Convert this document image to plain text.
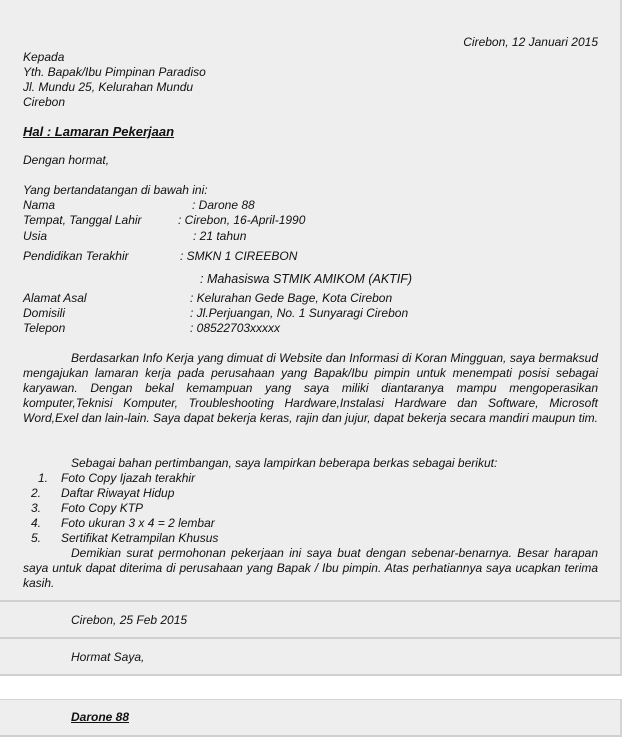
Cirebon, 12 Januari 2015
Kepada
Yth. Bapak/Ibu Pimpinan Paradiso
Jl. Mundu 25, Kelurahan Mundu
Cirebon
Hal : Lamaran Pekerjaan
Dengan hormat,
Yang bertandatangan di bawah ini:
Nama	: Darone 88
Tempat, Tanggal Lahir	: Cirebon, 16-April-1990
Usia	: 21 tahun
Pendidikan Terakhir	: SMKN 1 CIREEBON
: Mahasiswa STMIK AMIKOM (AKTIF)
Alamat Asal	: Kelurahan Gede Bage, Kota Cirebon
Domisili	: Jl.Perjuangan, No. 1 Sunyaragi Cirebon
Telepon	: 08522703xxxxx
Berdasarkan Info Kerja yang dimuat di Website dan Informasi di Koran Mingguan, saya bermaksud mengajukan lamaran kerja pada perusahaan yang Bapak/Ibu pimpin untuk menempati posisi sebagai karyawan. Dengan bekal kemampuan yang saya miliki diantaranya mampu mengoperasikan komputer,Teknisi Komputer, Troubleshooting Hardware,Instalasi Hardware dan Software, Microsoft Word,Exel dan lain-lain. Saya dapat bekerja keras, rajin dan jujur, dapat bekerja secara mandiri maupun tim.
Sebagai bahan pertimbangan, saya lampirkan beberapa berkas sebagai berikut:
1. Foto Copy Ijazah terakhir
2. Daftar Riwayat Hidup
3. Foto Copy KTP
4. Foto ukuran 3 x 4 = 2 lembar
5. Sertifikat Ketrampilan Khusus
Demikian surat permohonan pekerjaan ini saya buat dengan sebenar-benarnya. Besar harapan saya untuk dapat diterima di perusahaan yang Bapak / Ibu pimpin. Atas perhatiannya saya ucapkan terima kasih.
Cirebon, 25 Feb 2015
Hormat Saya,
Darone 88
